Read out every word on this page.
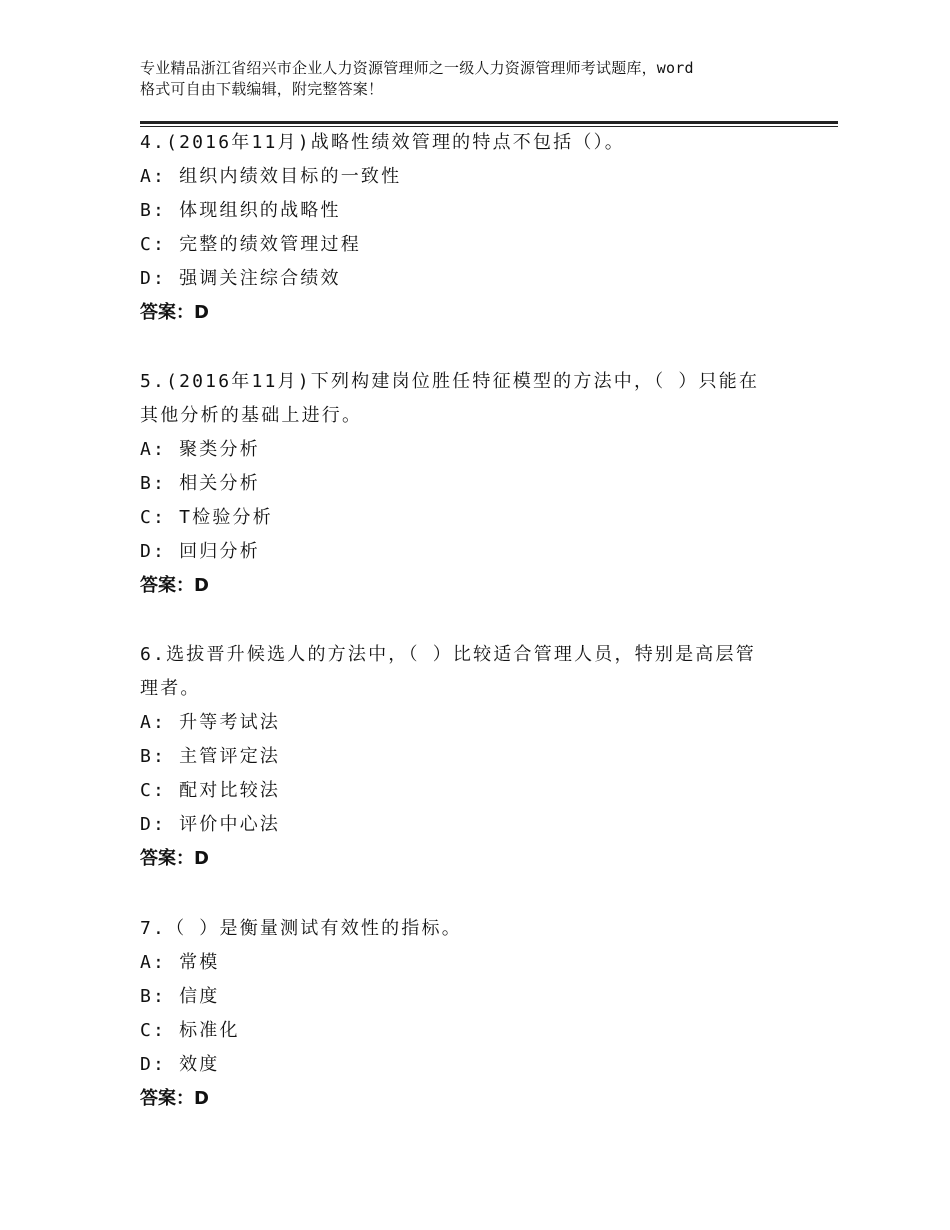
专业精品浙江省绍兴市企业人力资源管理师之一级人力资源管理师考试题库，word
格式可自由下载编辑，附完整答案！

4.(2016年11月)战略性绩效管理的特点不包括（）。

A: 组织内绩效目标的一致性

B: 体现组织的战略性

C: 完整的绩效管理过程

D: 强调关注综合绩效

答案：D

5.(2016年11月)下列构建岗位胜任特征模型的方法中，（ ）只能在

其他分析的基础上进行。

A: 聚类分析

B: 相关分析

C: T检验分析

D: 回归分析

答案：D

6.选拔晋升候选人的方法中，（ ）比较适合管理人员，特别是高层管

理者。

A: 升等考试法

B: 主管评定法

C: 配对比较法

D: 评价中心法

答案：D

7.（ ）是衡量测试有效性的指标。

A: 常模

B: 信度

C: 标准化

D: 效度

答案：D
